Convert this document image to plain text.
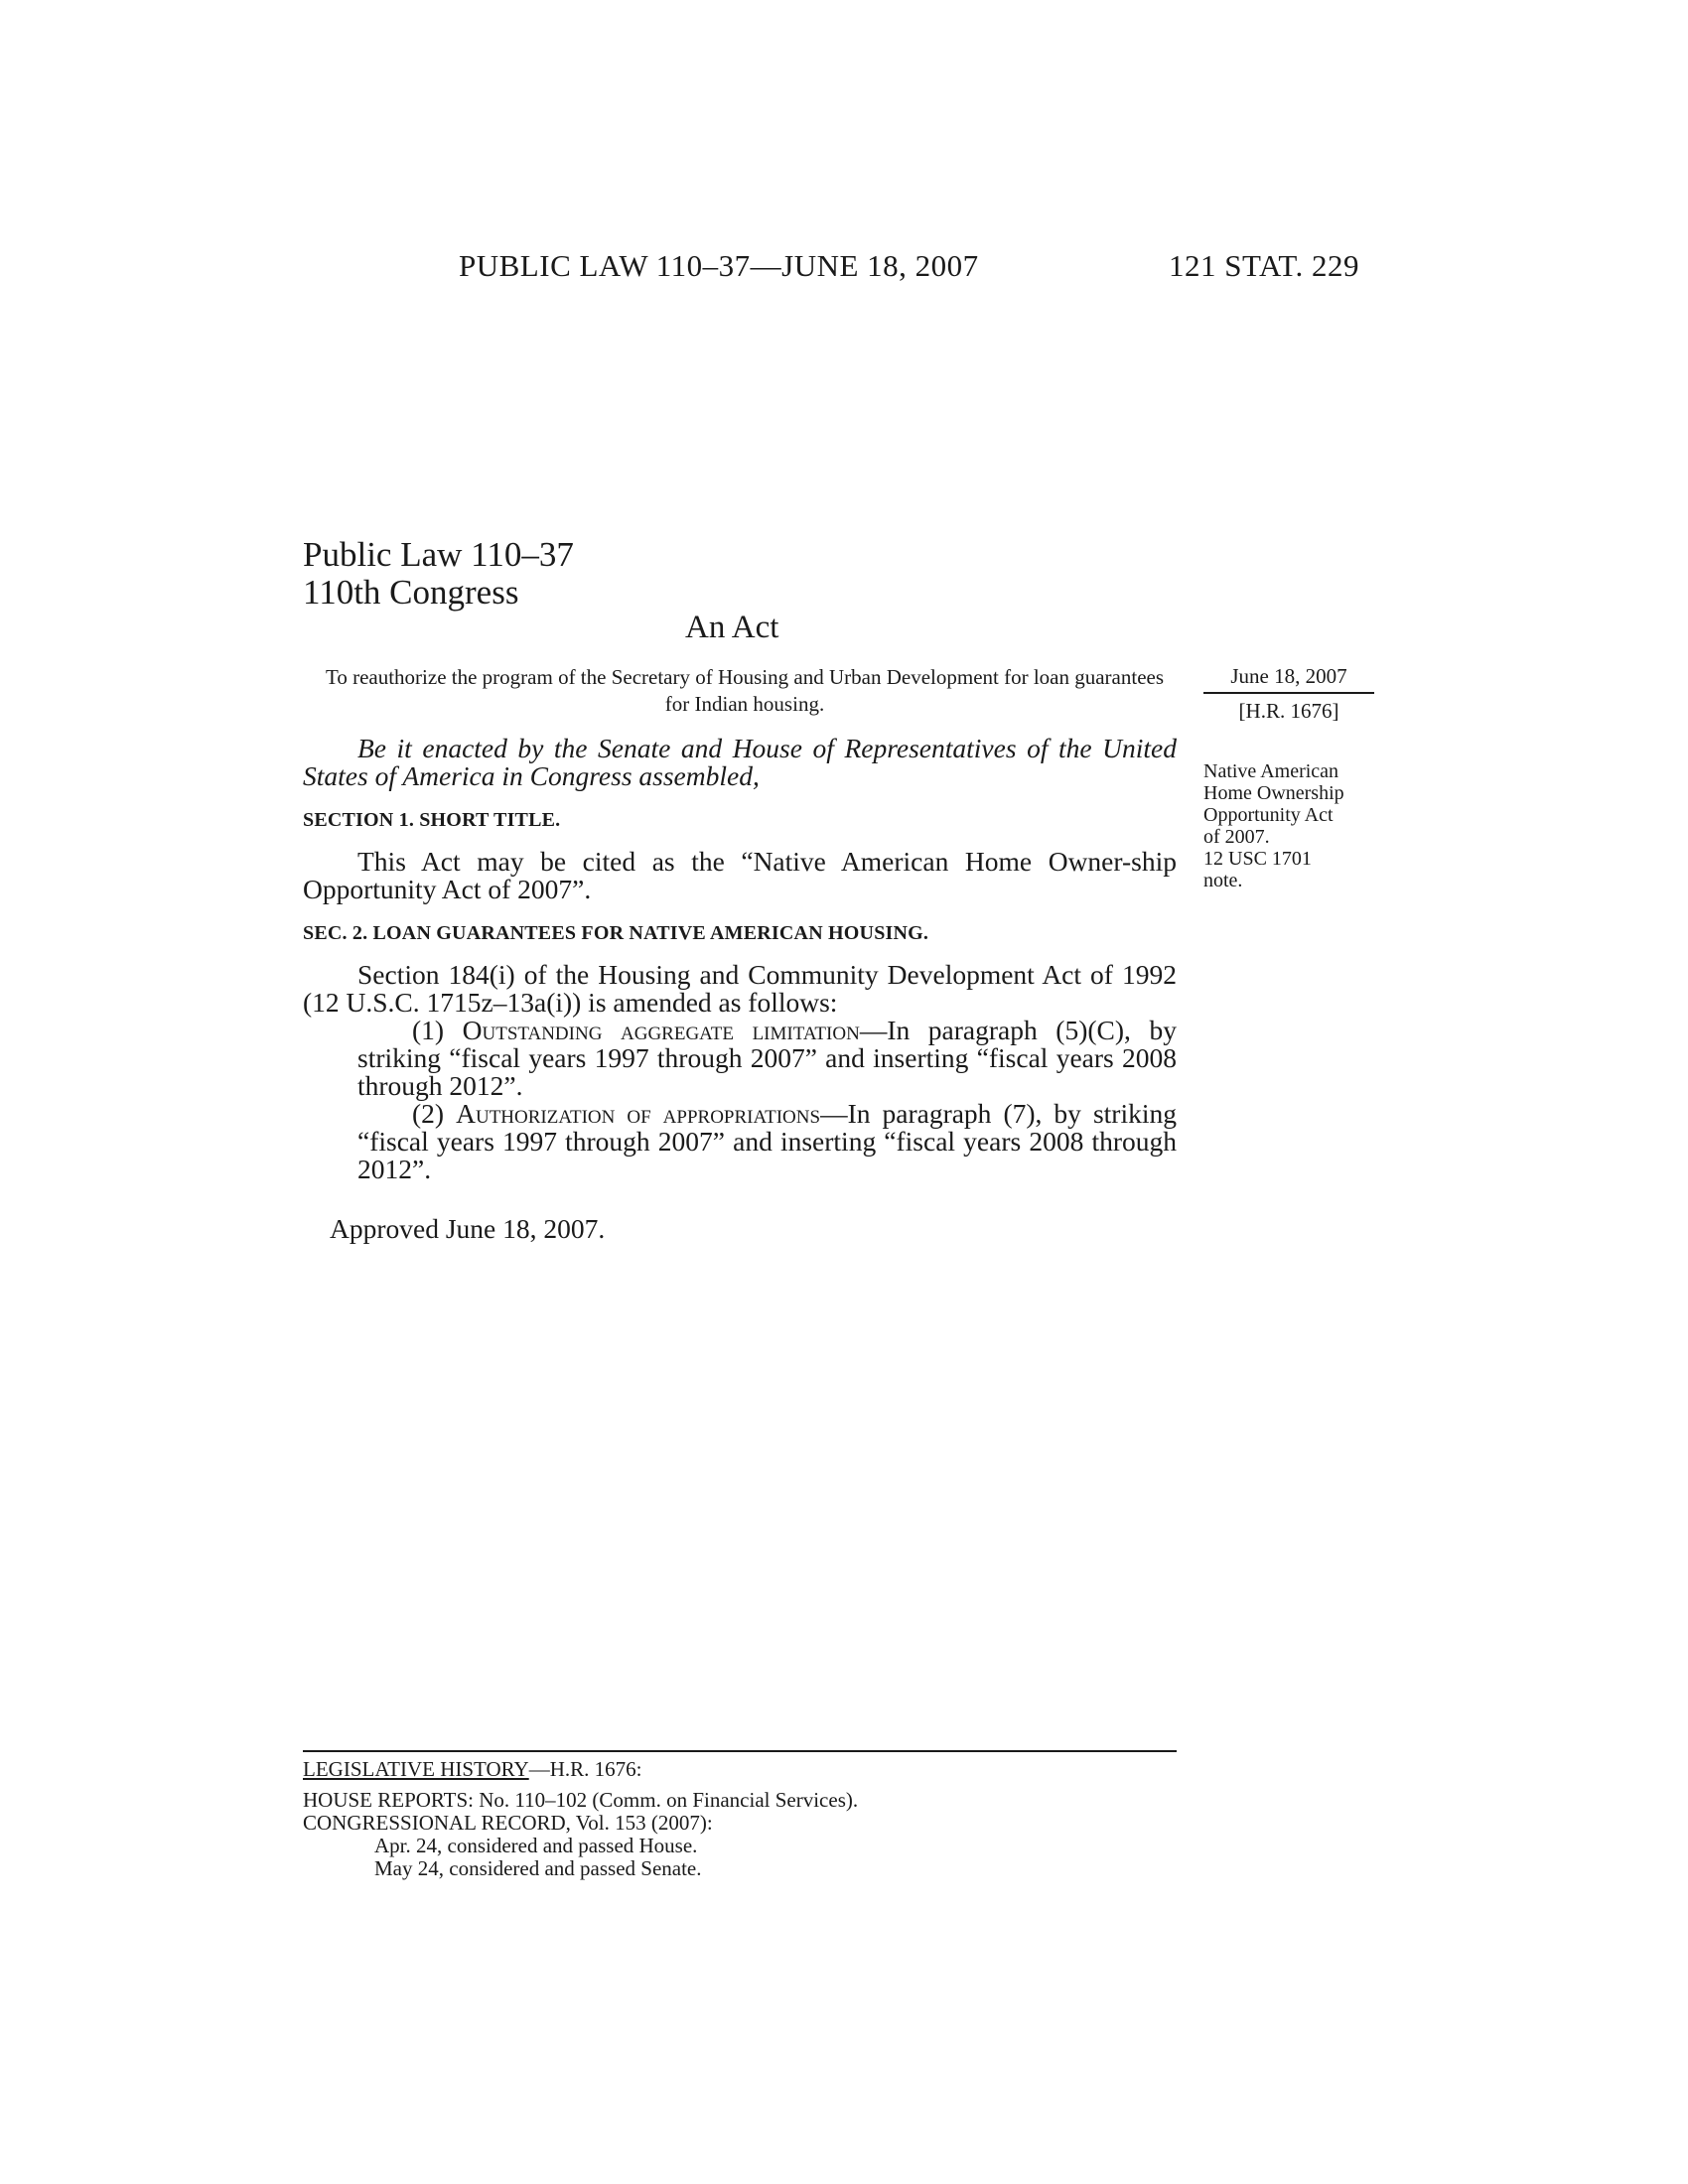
PUBLIC LAW 110–37—JUNE 18, 2007	121 STAT. 229
Public Law 110–37
110th Congress
An Act
To reauthorize the program of the Secretary of Housing and Urban Development for loan guarantees for Indian housing.
June 18, 2007
[H.R. 1676]
Native American
Home Ownership
Opportunity Act
of 2007.
12 USC 1701
note.

Be it enacted by the Senate and House of Representatives of the United States of America in Congress assembled,

SECTION 1. SHORT TITLE.

This Act may be cited as the “Native American Home Owner-ship Opportunity Act of 2007”.

SEC. 2. LOAN GUARANTEES FOR NATIVE AMERICAN HOUSING.

Section 184(i) of the Housing and Community Development Act of 1992 (12 U.S.C. 1715z–13a(i)) is amended as follows:

(1) Outstanding aggregate limitation—In paragraph (5)(C), by striking “fiscal years 1997 through 2007” and inserting “fiscal years 2008 through 2012”.

(2) Authorization of appropriations—In paragraph (7), by striking “fiscal years 1997 through 2007” and inserting “fiscal years 2008 through 2012”.

Approved June 18, 2007.

LEGISLATIVE HISTORY—H.R. 1676:

HOUSE REPORTS: No. 110–102 (Comm. on Financial Services).

CONGRESSIONAL RECORD, Vol. 153 (2007):

Apr. 24, considered and passed House.

May 24, considered and passed Senate.
